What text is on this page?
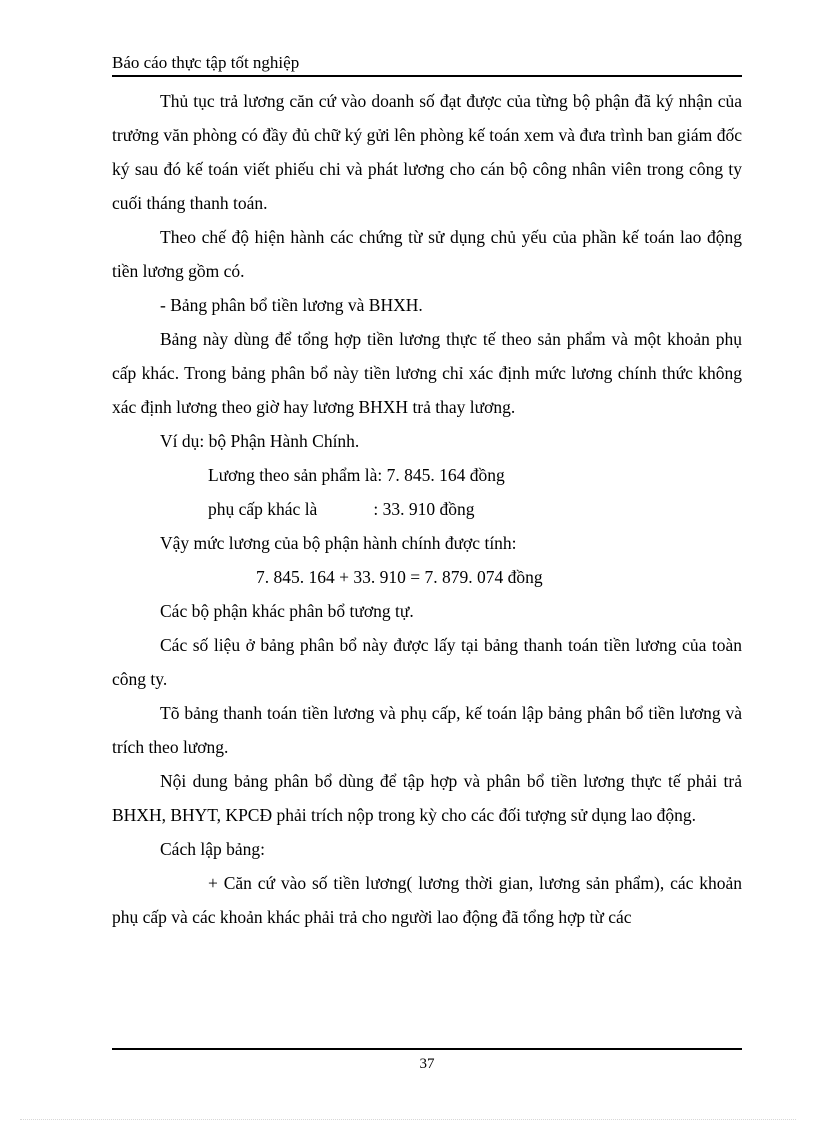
Báo cáo thực tập tốt nghiệp

Thủ tục trả lương căn cứ vào doanh số đạt được của từng bộ phận đã ký nhận của trưởng văn phòng có đầy đủ chữ ký gửi lên phòng kế toán xem và đưa trình ban giám đốc ký sau đó kế toán viết phiếu chi và phát lương cho cán bộ công nhân viên trong công ty cuối tháng thanh toán.

Theo chế độ hiện hành các chứng từ sử dụng chủ yếu của phần kế toán lao động tiền lương gồm có.

- Bảng phân bổ tiền lương và BHXH.

Bảng này dùng để tổng hợp tiền lương thực tế theo sản phẩm và một khoản phụ cấp khác. Trong bảng phân bổ này tiền lương chỉ xác định mức lương chính thức không xác định lương theo giờ hay lương BHXH trả thay lương.

Ví dụ: bộ Phận Hành Chính.

Lương theo sản phẩm là: 7. 845. 164 đồng

phụ cấp khác là	: 33. 910 đồng

Vậy mức lương của bộ phận hành chính được tính:

7. 845. 164 + 33. 910 = 7. 879. 074 đồng

Các bộ phận khác phân bổ tương tự.

Các số liệu ở bảng phân bổ này được lấy tại bảng thanh toán tiền lương của toàn công ty.

Tõ bảng thanh toán tiền lương và phụ cấp, kế toán lập bảng phân bổ tiền lương và trích theo lương.

Nội dung bảng phân bổ dùng để tập hợp và phân bổ tiền lương thực tế phải trả BHXH, BHYT, KPCĐ phải trích nộp trong kỳ cho các đối tượng sử dụng lao động.

Cách lập bảng:

+ Căn cứ vào số tiền lương( lương thời gian, lương sản phẩm), các khoản phụ cấp và các khoản khác phải trả cho người lao động đã tổng hợp từ các

37
